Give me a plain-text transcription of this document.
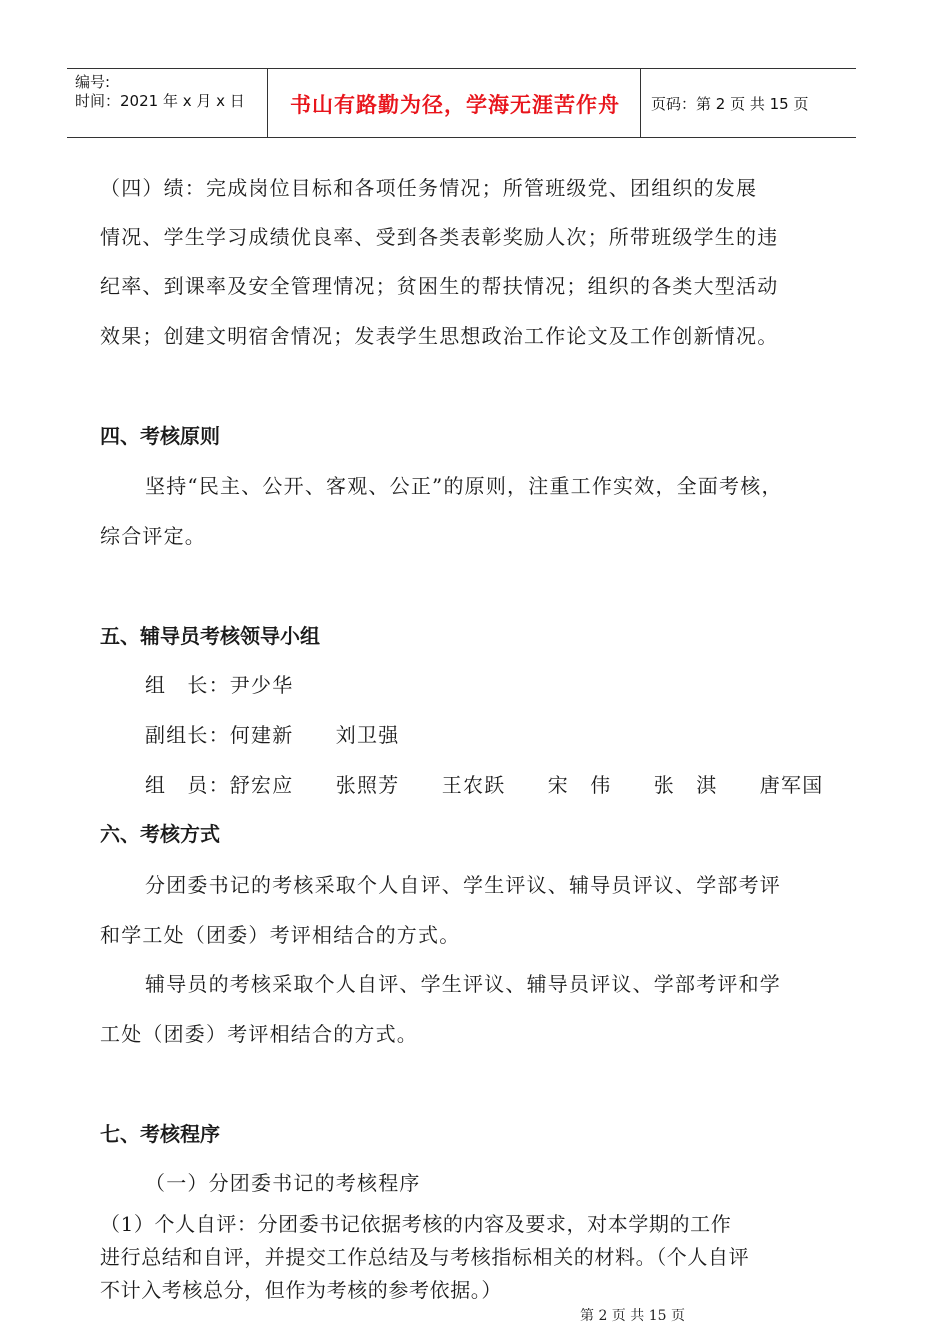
编号:
时间：2021 年 x 月 x 日	书山有路勤为径，学海无涯苦作舟	页码：第 2 页 共 15 页
（四）绩：完成岗位目标和各项任务情况；所管班级党、团组织的发展
情况、学生学习成绩优良率、受到各类表彰奖励人次；所带班级学生的违
纪率、到课率及安全管理情况；贫困生的帮扶情况；组织的各类大型活动
效果；创建文明宿舍情况；发表学生思想政治工作论文及工作创新情况。
四、考核原则
坚持“民主、公开、客观、公正”的原则，注重工作实效，全面考核，
综合评定。
五、辅导员考核领导小组
组　长：尹少华
副组长：何建新　　刘卫强
组　员：舒宏应　　张照芳　　王农跃　　宋　伟　　张　淇　　唐军国
六、考核方式
分团委书记的考核采取个人自评、学生评议、辅导员评议、学部考评
和学工处（团委）考评相结合的方式。
辅导员的考核采取个人自评、学生评议、辅导员评议、学部考评和学
工处（团委）考评相结合的方式。
七、考核程序
（一）分团委书记的考核程序
（1）个人自评：分团委书记依据考核的内容及要求，对本学期的工作
进行总结和自评，并提交工作总结及与考核指标相关的材料。（个人自评
不计入考核总分，但作为考核的参考依据。）
第 2 页 共 15 页
